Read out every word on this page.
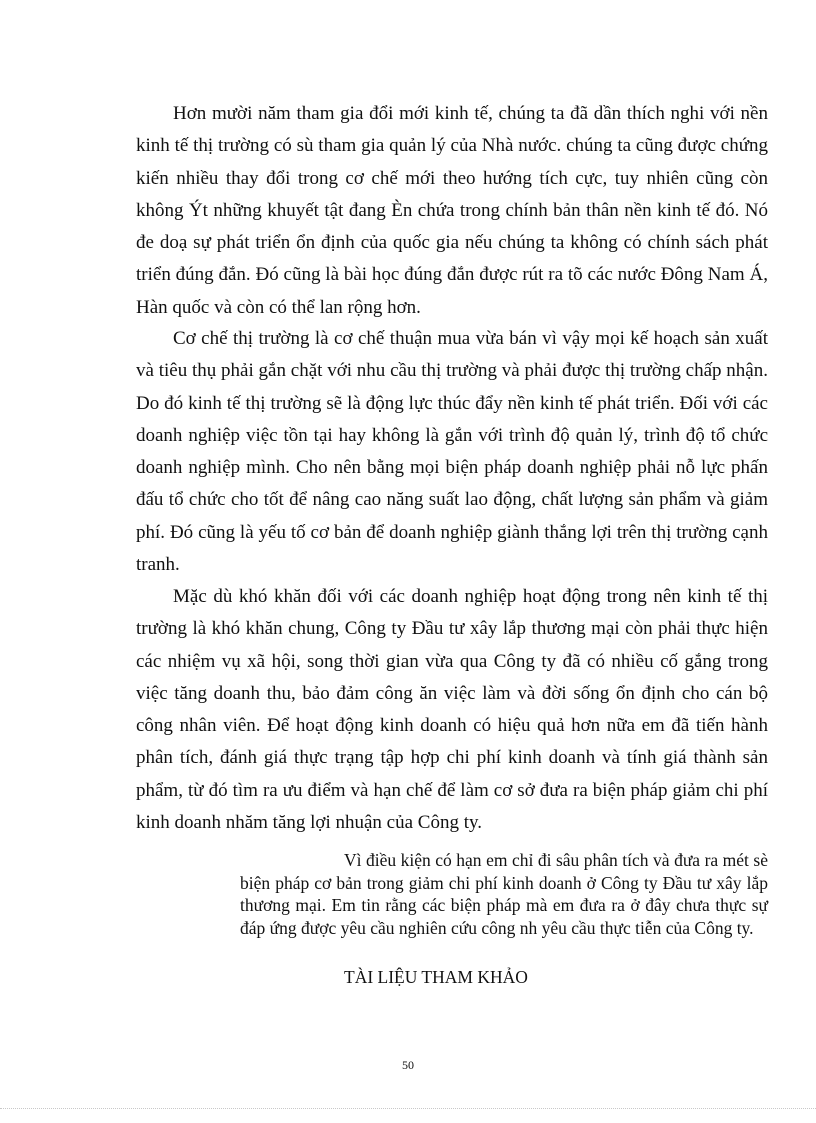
Hơn mười năm tham gia đổi mới kinh tế, chúng ta đã dần thích nghi với nền kinh tế thị trường có sù tham gia quản lý của Nhà nước. chúng ta cũng được chứng kiến nhiều thay đổi trong cơ chế mới theo hướng tích cực, tuy nhiên cũng còn không Ýt những khuyết tật đang Èn chứa trong chính bản thân nền kinh tế đó. Nó đe doạ sự phát triển ổn định của quốc gia nếu chúng ta không có chính sách phát triển đúng đắn. Đó cũng là bài học đúng đắn được rút ra tõ các nước Đông Nam Á, Hàn quốc và còn có thể lan rộng hơn.

Cơ chế thị trường là cơ chế thuận mua vừa bán vì vậy mọi kế hoạch sản xuất và tiêu thụ phải gắn chặt với nhu cầu thị trường và phải được thị trường chấp nhận. Do đó kinh tế thị trường sẽ là động lực thúc đẩy nền kinh tế phát triển. Đối với các doanh nghiệp việc tồn tại hay không là gắn với trình độ quản lý, trình độ tổ chức doanh nghiệp mình. Cho nên bằng mọi biện pháp doanh nghiệp phải nỗ lực phấn đấu tổ chức cho tốt để nâng cao năng suất lao động, chất lượng sản phẩm và giảm phí. Đó cũng là yếu tố cơ bản để doanh nghiệp giành thắng lợi trên thị trường cạnh tranh.

Mặc dù khó khăn đối với các doanh nghiệp hoạt động trong nên kinh tế thị trường là khó khăn chung, Công ty Đầu tư xây lắp thương mại còn phải thực hiện các nhiệm vụ xã hội, song thời gian vừa qua Công ty đã có nhiều cố gắng trong việc tăng doanh thu, bảo đảm công ăn việc làm và đời sống ổn định cho cán bộ công nhân viên. Để hoạt động kinh doanh có hiệu quả hơn nữa em đã tiến hành phân tích, đánh giá thực trạng tập hợp chi phí kinh doanh và tính giá thành sản phẩm, từ đó tìm ra ưu điểm và hạn chế để làm cơ sở đưa ra biện pháp giảm chi phí kinh doanh nhăm tăng lợi nhuận của Công ty.

Vì điều kiện có hạn em chỉ đi sâu phân tích và đưa ra mét sè biện pháp cơ bản trong giảm chi phí kinh doanh ở Công ty Đầu tư xây lắp thương mại. Em tin rằng các biện pháp mà em đưa ra ở đây chưa thực sự đáp ứng được yêu cầu nghiên cứu công nh yêu cầu thực tiễn của Công ty.

TÀI LIỆU THAM KHẢO
50
